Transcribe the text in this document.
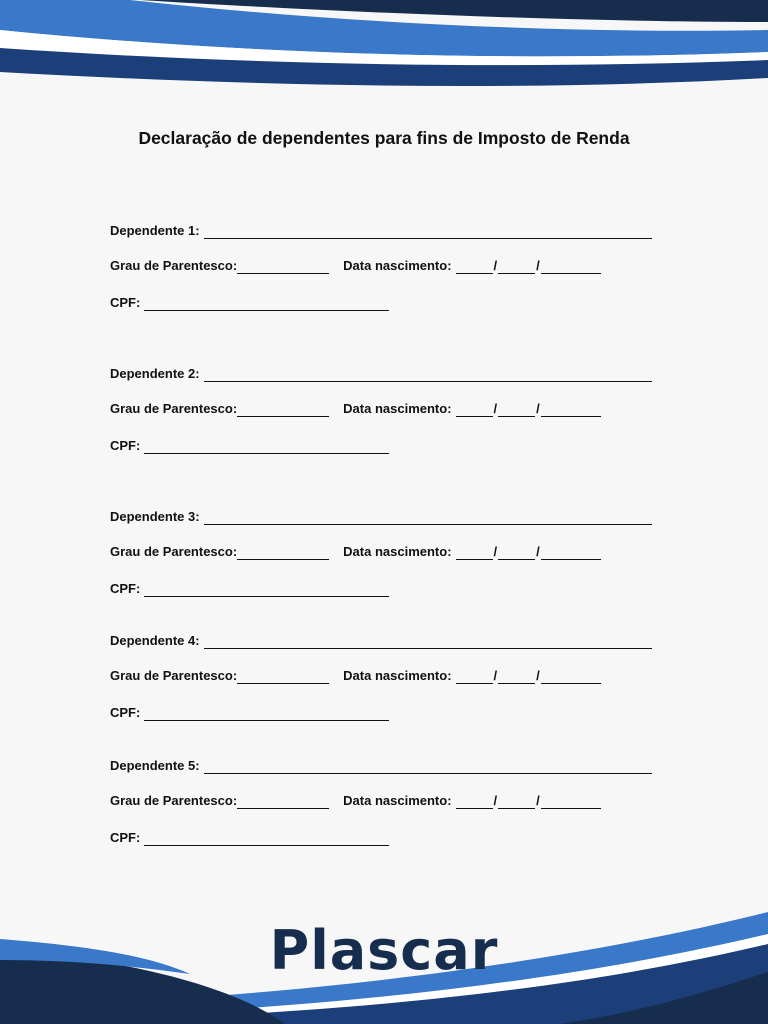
Declaração de dependentes para fins de Imposto de Renda
Dependente 1:
Grau de Parentesco:	Data nascimento:	/	/
CPF:
Dependente 2:
Grau de Parentesco:	Data nascimento:	/	/
CPF:
Dependente 3:
Grau de Parentesco:	Data nascimento:	/	/
CPF:
Dependente 4:
Grau de Parentesco:	Data nascimento:	/	/
CPF:
Dependente 5:
Grau de Parentesco:	Data nascimento:	/	/
CPF:
Plascar
